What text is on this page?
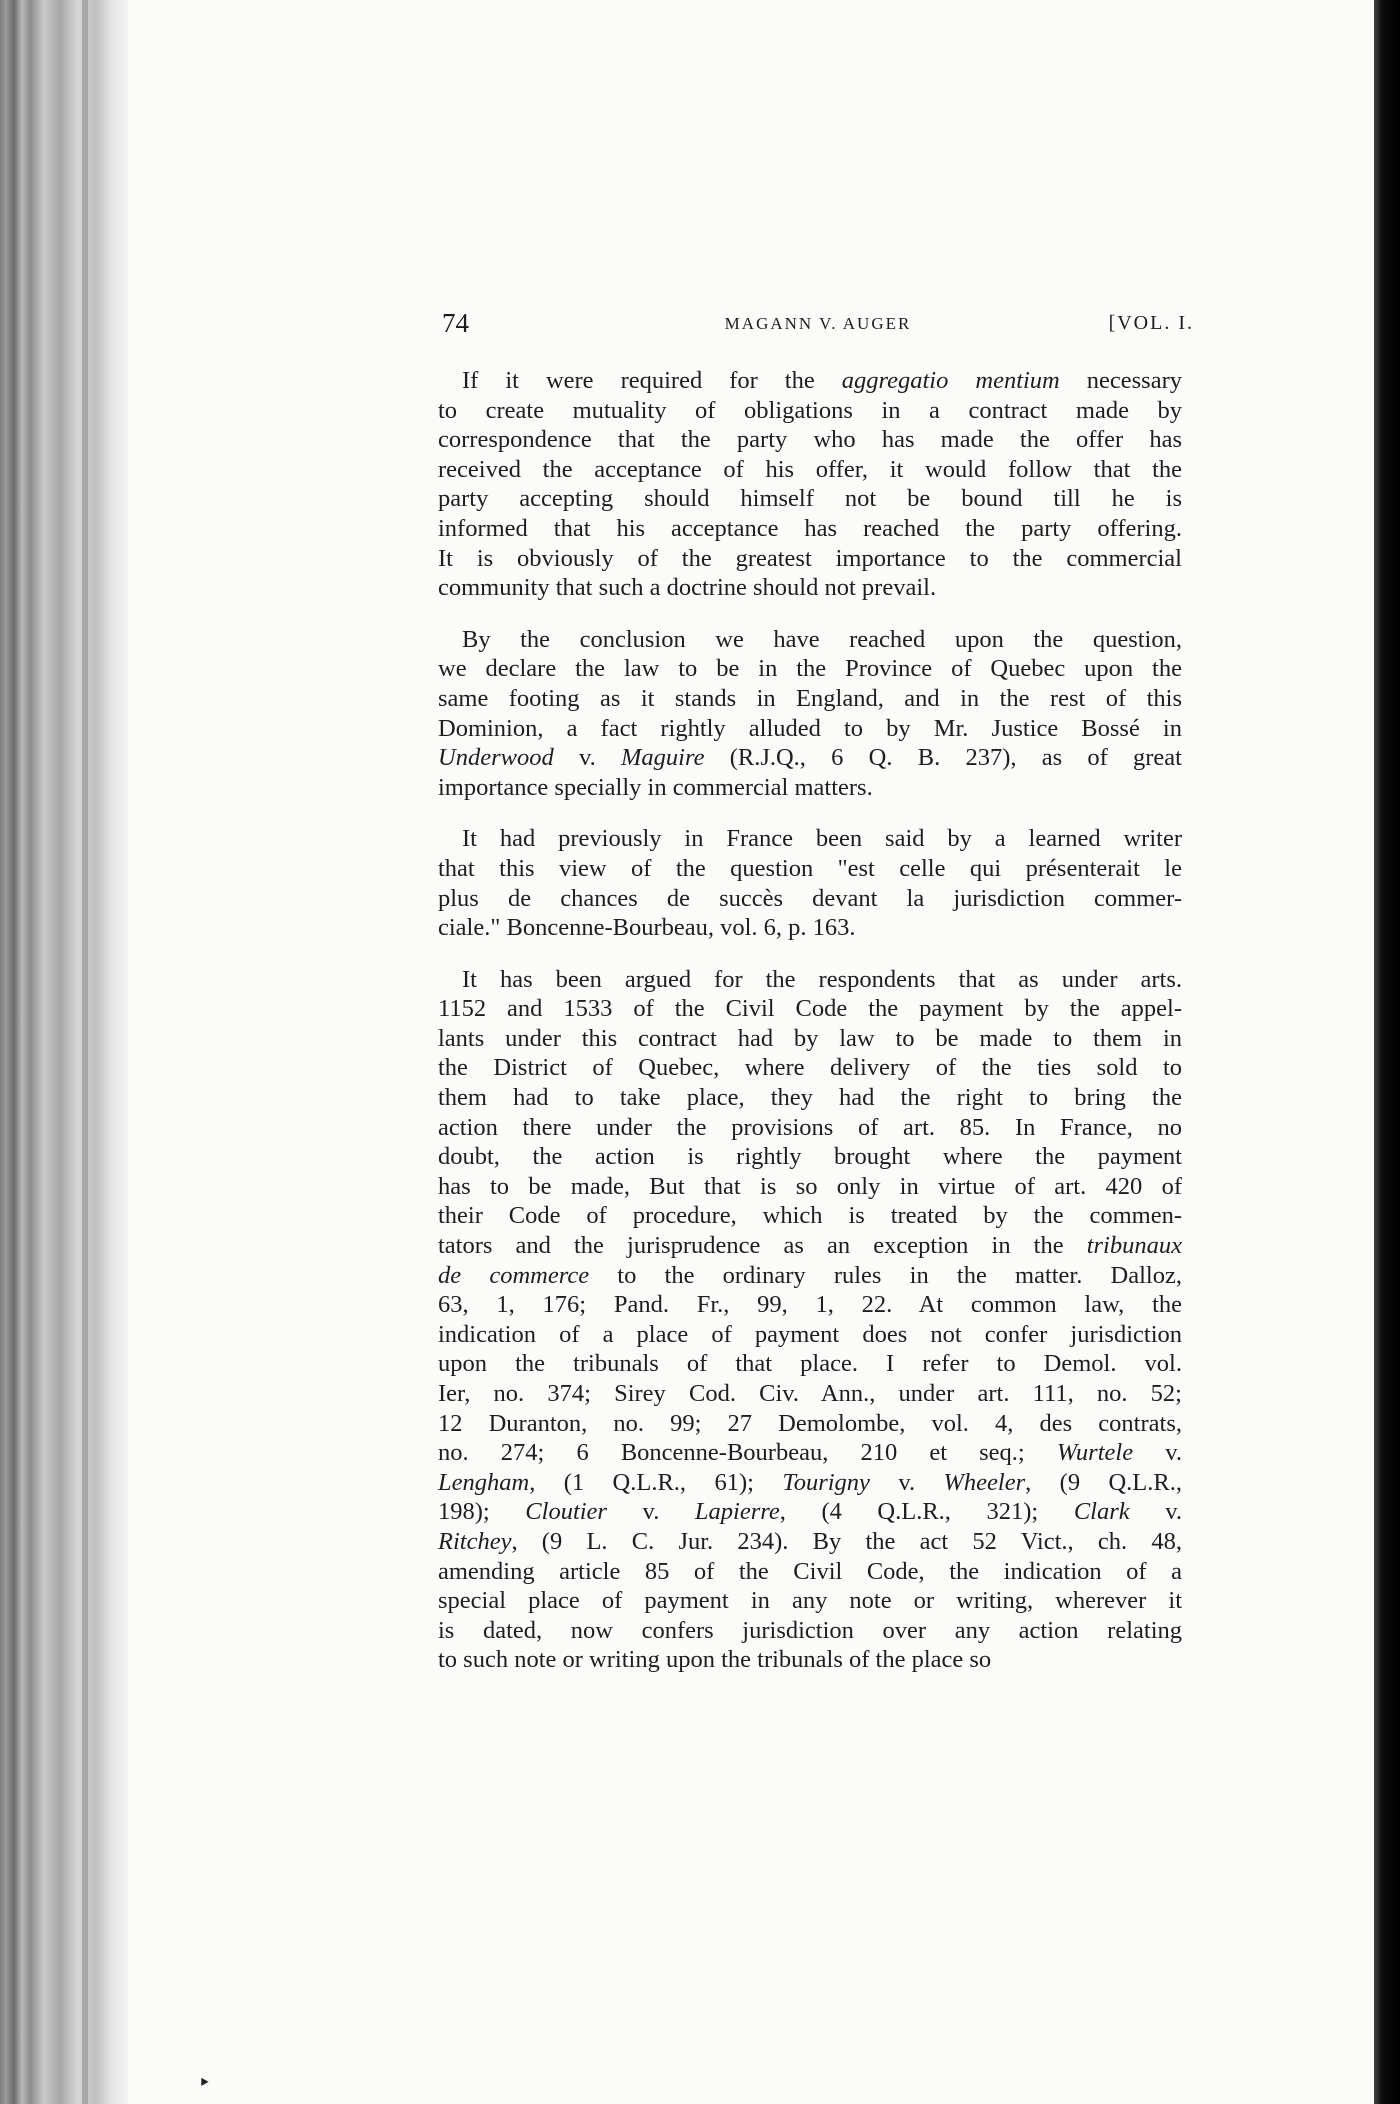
74	MAGANN V. AUGER	[VOL. I.
If it were required for the aggregatio mentium necessary
to create mutuality of obligations in a contract made by
correspondence that the party who has made the offer has
received the acceptance of his offer, it would follow that the
party accepting should himself not be bound till he is
informed that his acceptance has reached the party offering.
It is obviously of the greatest importance to the commercial
community that such a doctrine should not prevail.
By the conclusion we have reached upon the question,
we declare the law to be in the Province of Quebec upon the
same footing as it stands in England, and in the rest of this
Dominion, a fact rightly alluded to by Mr. Justice Bossé in
Underwood v. Maguire (R.J.Q., 6 Q. B. 237), as of great
importance specially in commercial matters.
It had previously in France been said by a learned writer
that this view of the question "est celle qui présenterait le
plus de chances de succès devant la jurisdiction commer-
ciale." Boncenne-Bourbeau, vol. 6, p. 163.
It has been argued for the respondents that as under arts.
1152 and 1533 of the Civil Code the payment by the appel-
lants under this contract had by law to be made to them in
the District of Quebec, where delivery of the ties sold to
them had to take place, they had the right to bring the
action there under the provisions of art. 85. In France, no
doubt, the action is rightly brought where the payment
has to be made, But that is so only in virtue of art. 420 of
their Code of procedure, which is treated by the commen-
tators and the jurisprudence as an exception in the tribunaux
de commerce to the ordinary rules in the matter. Dalloz,
63, 1, 176; Pand. Fr., 99, 1, 22. At common law, the
indication of a place of payment does not confer jurisdiction
upon the tribunals of that place. I refer to Demol. vol.
Ier, no. 374; Sirey Cod. Civ. Ann., under art. 111, no. 52;
12 Duranton, no. 99; 27 Demolombe, vol. 4, des contrats,
no. 274; 6 Boncenne-Bourbeau, 210 et seq.; Wurtele v.
Lengham, (1 Q.L.R., 61); Tourigny v. Wheeler, (9 Q.L.R.,
198); Cloutier v. Lapierre, (4 Q.L.R., 321); Clark v.
Ritchey, (9 L. C. Jur. 234). By the act 52 Vict., ch. 48,
amending article 85 of the Civil Code, the indication of a
special place of payment in any note or writing, wherever it
is dated, now confers jurisdiction over any action relating
to such note or writing upon the tribunals of the place so
‣
